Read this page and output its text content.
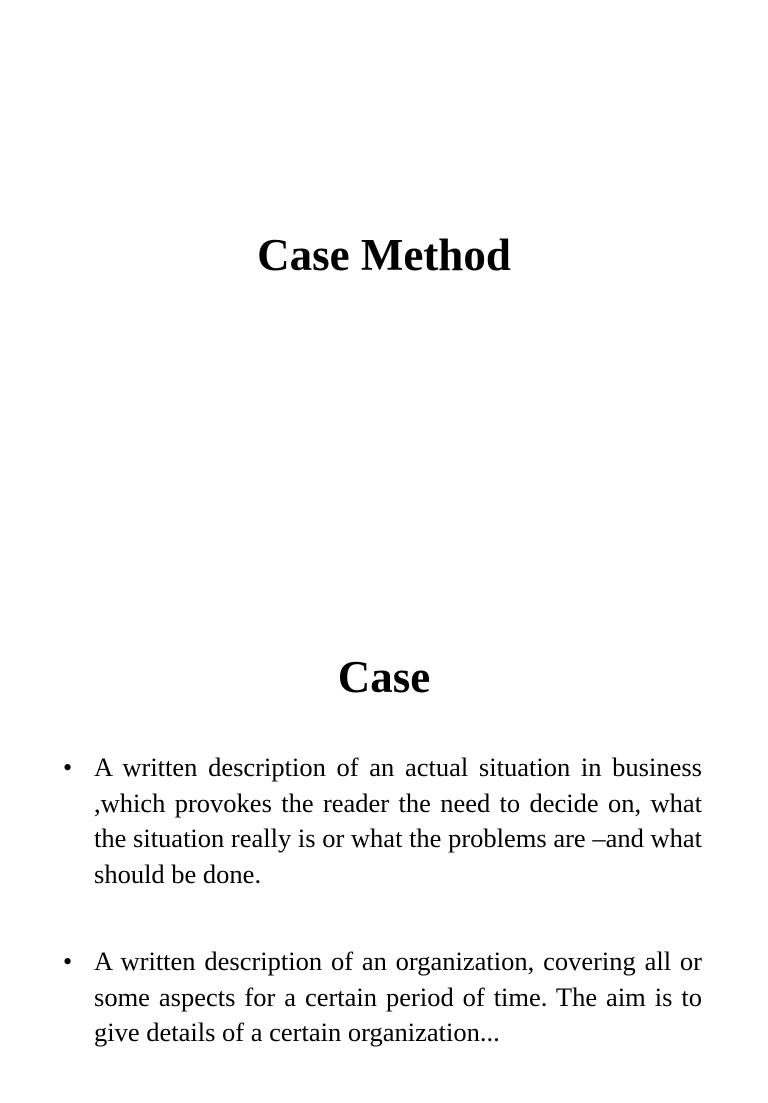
Case Method
Case
• A written description of an actual situation in business ,which provokes the reader the need to decide on, what the situation really is or what the problems are –and what should be done.
• A written description of an organization, covering all or some aspects for a certain period of time. The aim is to give details of a certain organization...
